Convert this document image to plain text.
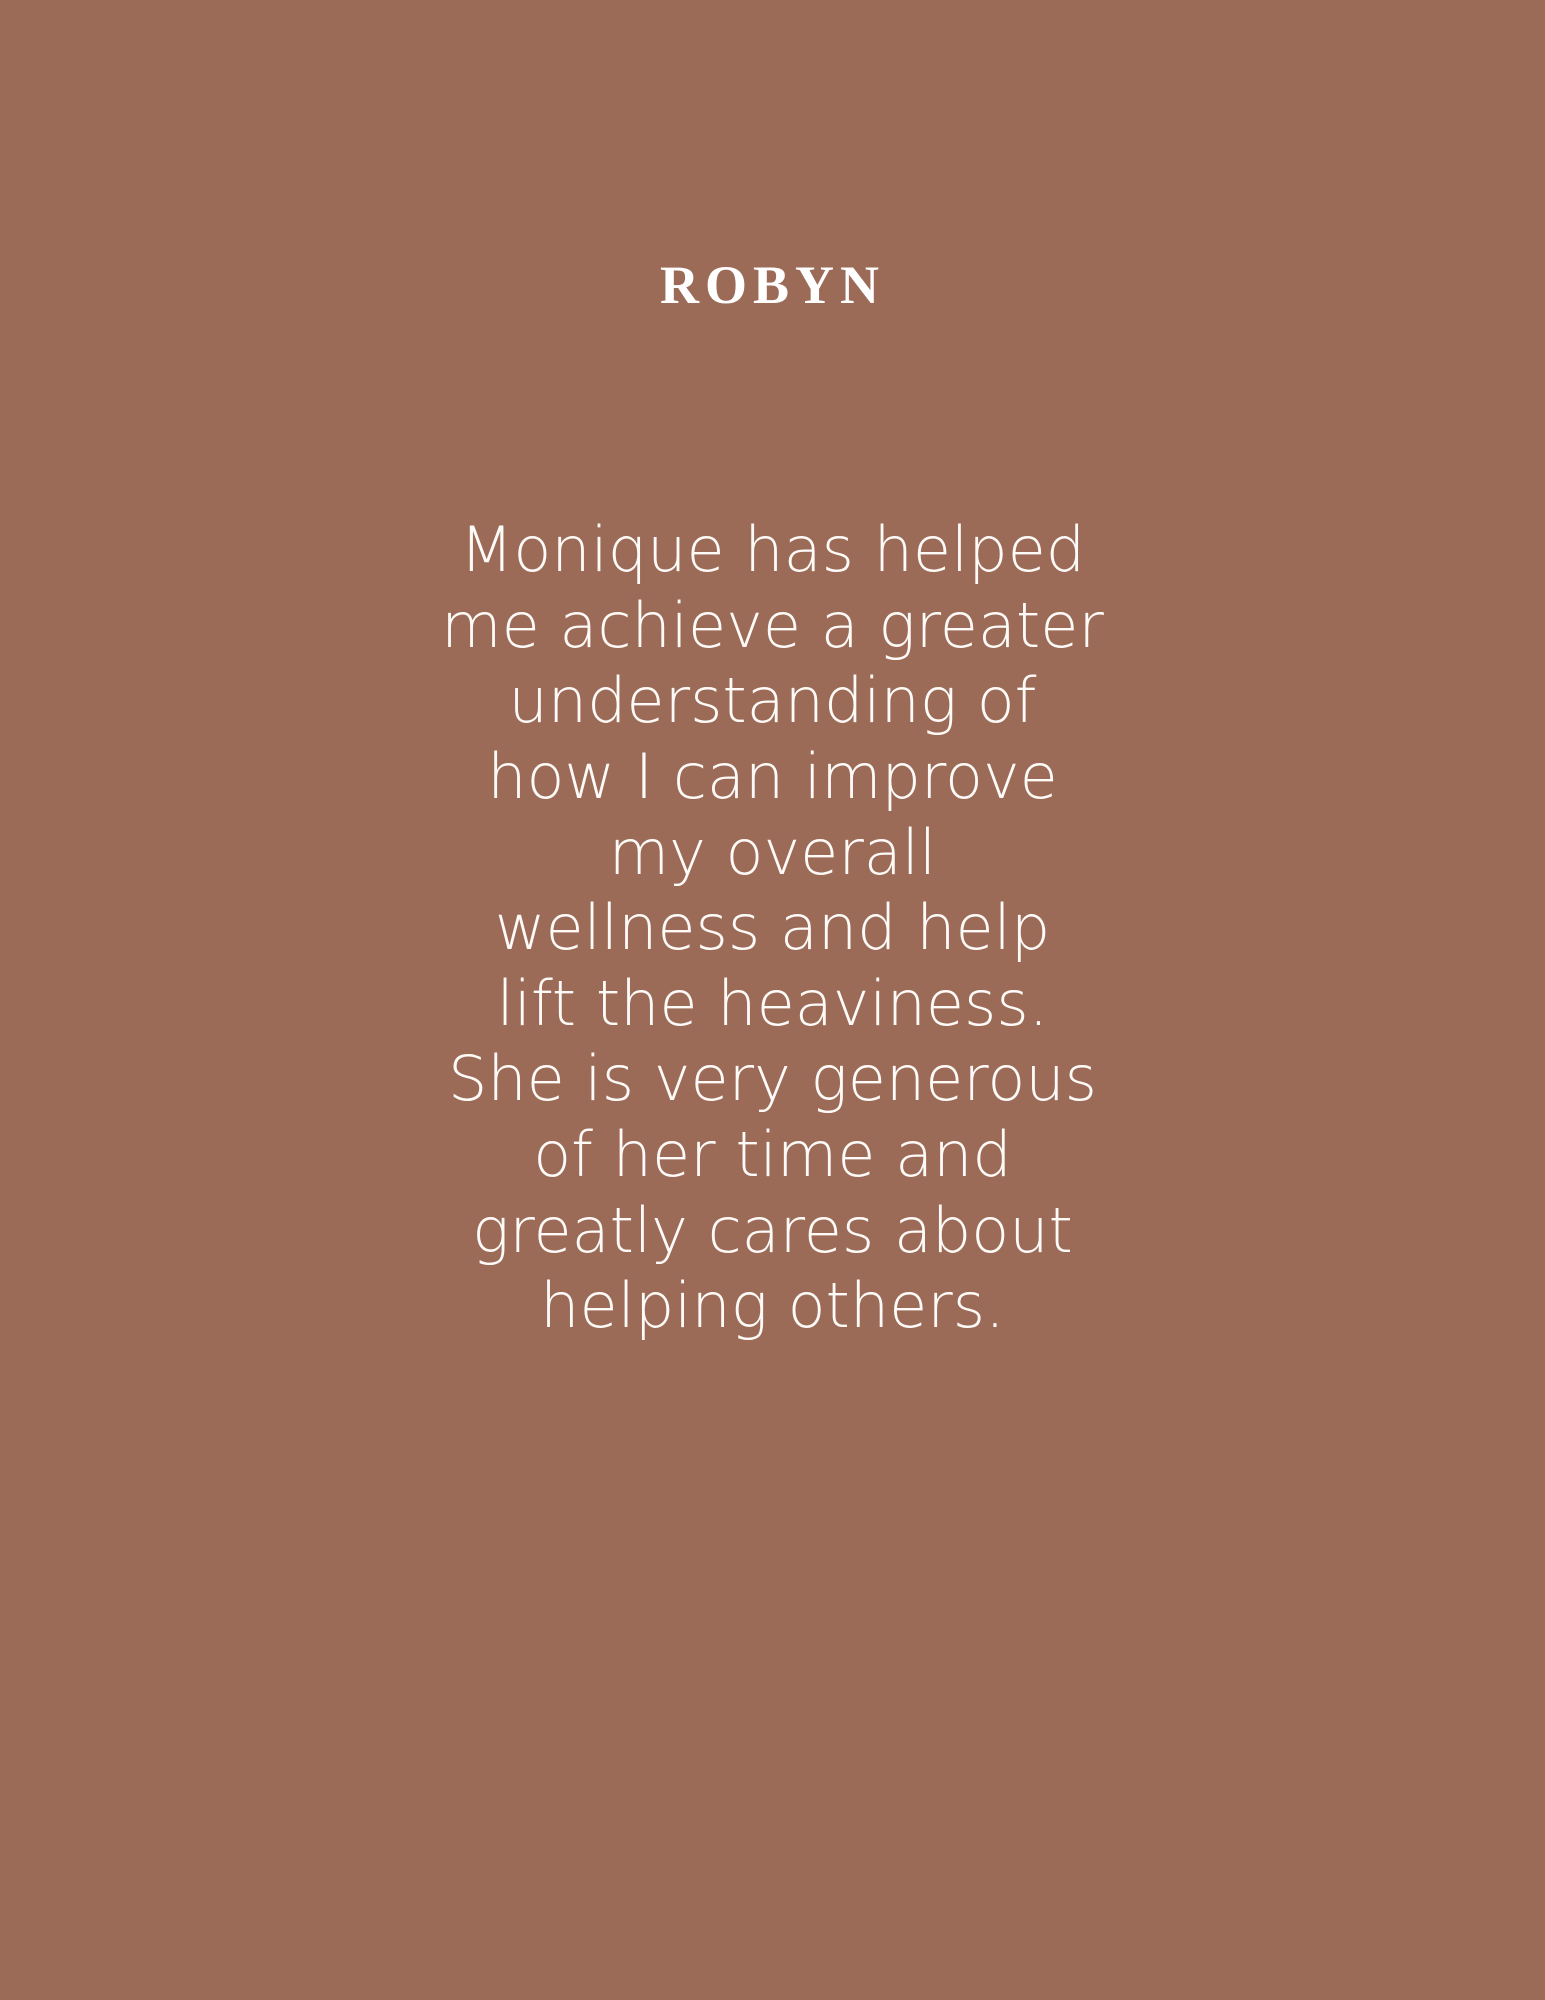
ROBYN
Monique has helped
me achieve a greater
understanding of
how I can improve
my overall
wellness and help
lift the heaviness.
She is very generous
of her time and
greatly cares about
helping others.
